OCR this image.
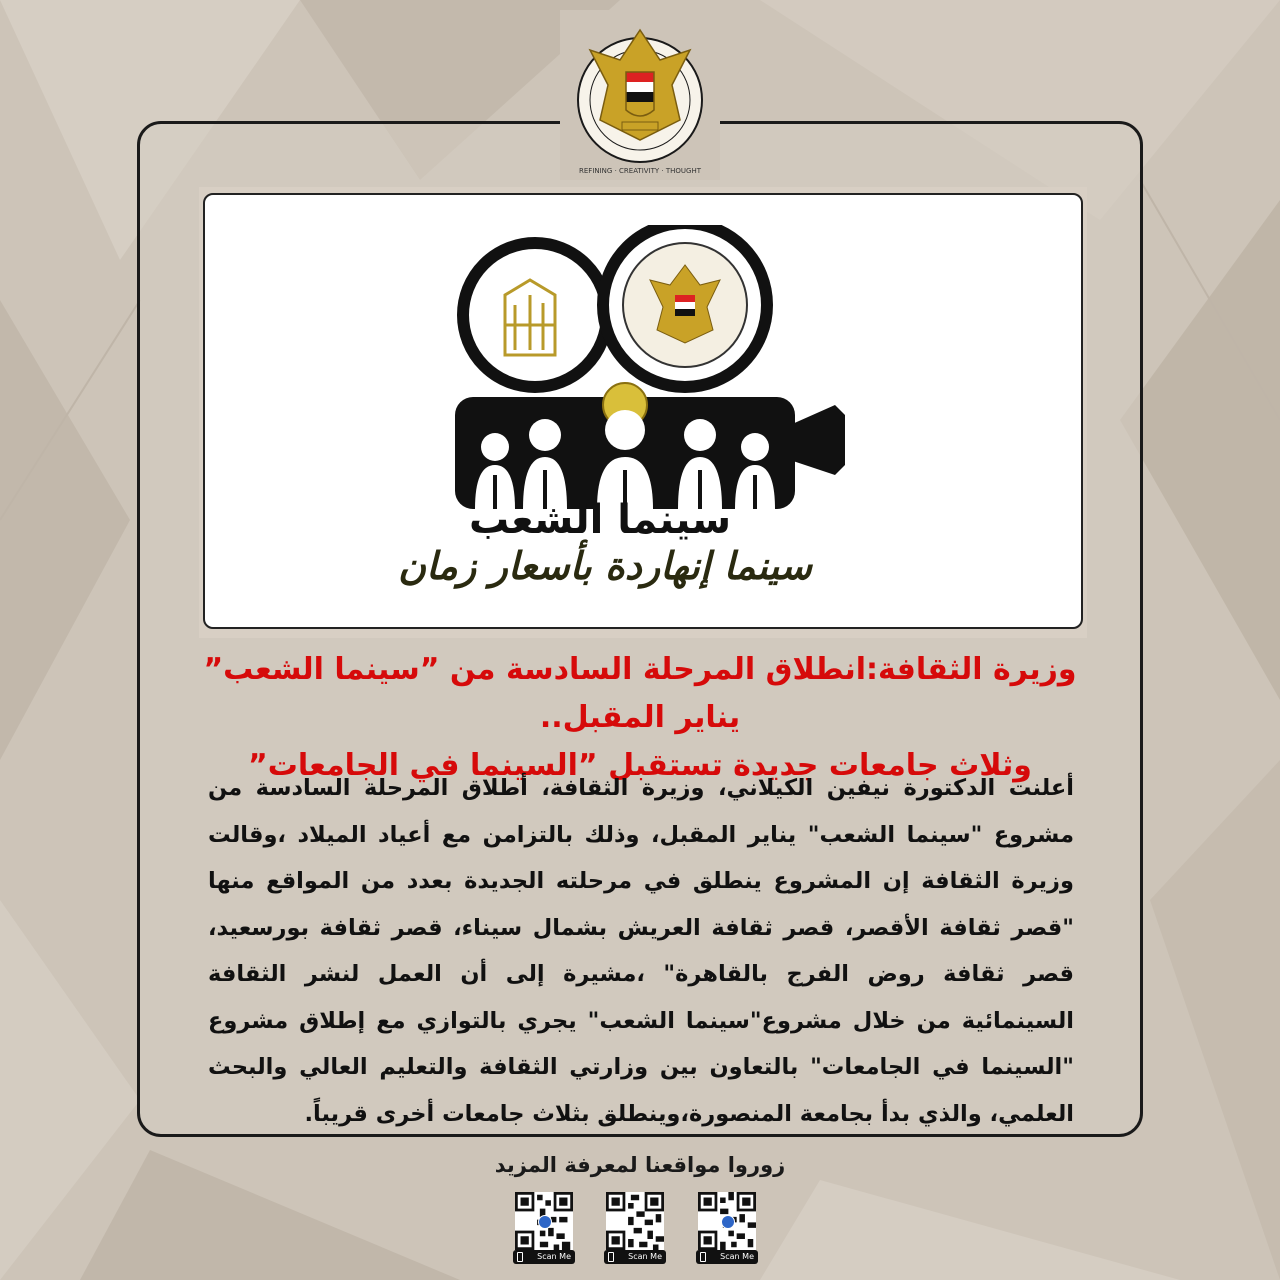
REFINING · CREATIVITY · THOUGHT
سينما الشعب
سينما إنهاردة بأسعار زمان
وزيرة الثقافة:انطلاق المرحلة السادسة من ”سينما الشعب” يناير المقبل..
وثلاث جامعات جديدة تستقبل ”السينما في الجامعات”
أعلنت الدكتورة نيفين الكيلاني، وزيرة الثقافة، أطلاق المرحلة السادسة من مشروع "سينما الشعب" يناير المقبل، وذلك بالتزامن مع أعياد الميلاد ،وقالت وزيرة الثقافة إن المشروع ينطلق في مرحلته الجديدة بعدد من المواقع منها "قصر ثقافة الأقصر، قصر ثقافة العريش بشمال سيناء، قصر ثقافة بورسعيد، قصر ثقافة روض الفرج بالقاهرة" ،مشيرة إلى أن العمل لنشر الثقافة السينمائية من خلال مشروع"سينما الشعب" يجري بالتوازي مع إطلاق مشروع "السينما في الجامعات" بالتعاون بين وزارتي الثقافة والتعليم العالي والبحث العلمي، والذي بدأ بجامعة المنصورة،وينطلق بثلاث جامعات أخرى قريباً.
زوروا مواقعنا لمعرفة المزيد
Scan Me	Scan Me	Scan Me
